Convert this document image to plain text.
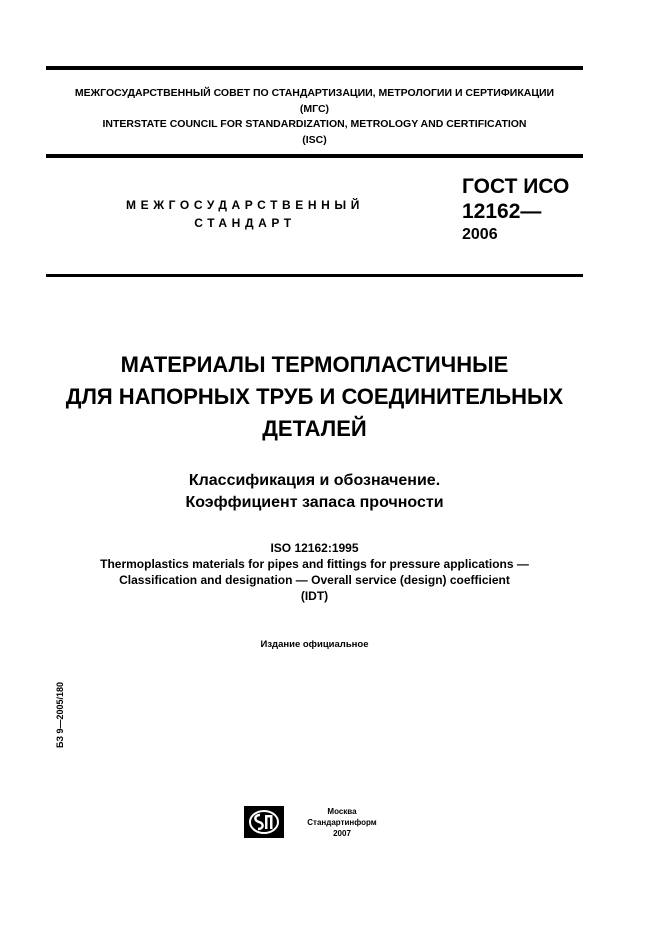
МЕЖГОСУДАРСТВЕННЫЙ СОВЕТ ПО СТАНДАРТИЗАЦИИ, МЕТРОЛОГИИ И СЕРТИФИКАЦИИ
(МГС)
INTERSTATE COUNCIL FOR STANDARDIZATION, METROLOGY AND CERTIFICATION
(ISC)
МЕЖГОСУДАРСТВЕННЫЙ
СТАНДАРТ
ГОСТ ИСО
12162—
2006
МАТЕРИАЛЫ ТЕРМОПЛАСТИЧНЫЕ
ДЛЯ НАПОРНЫХ ТРУБ И СОЕДИНИТЕЛЬНЫХ
ДЕТАЛЕЙ
Классификация и обозначение.
Коэффициент запаса прочности
ISO 12162:1995
Thermoplastics materials for pipes and fittings for pressure applications —
Classification and designation — Overall service (design) coefficient
(IDT)
Издание официальное
БЗ 9—2005/180
Москва
Стандартинформ
2007
